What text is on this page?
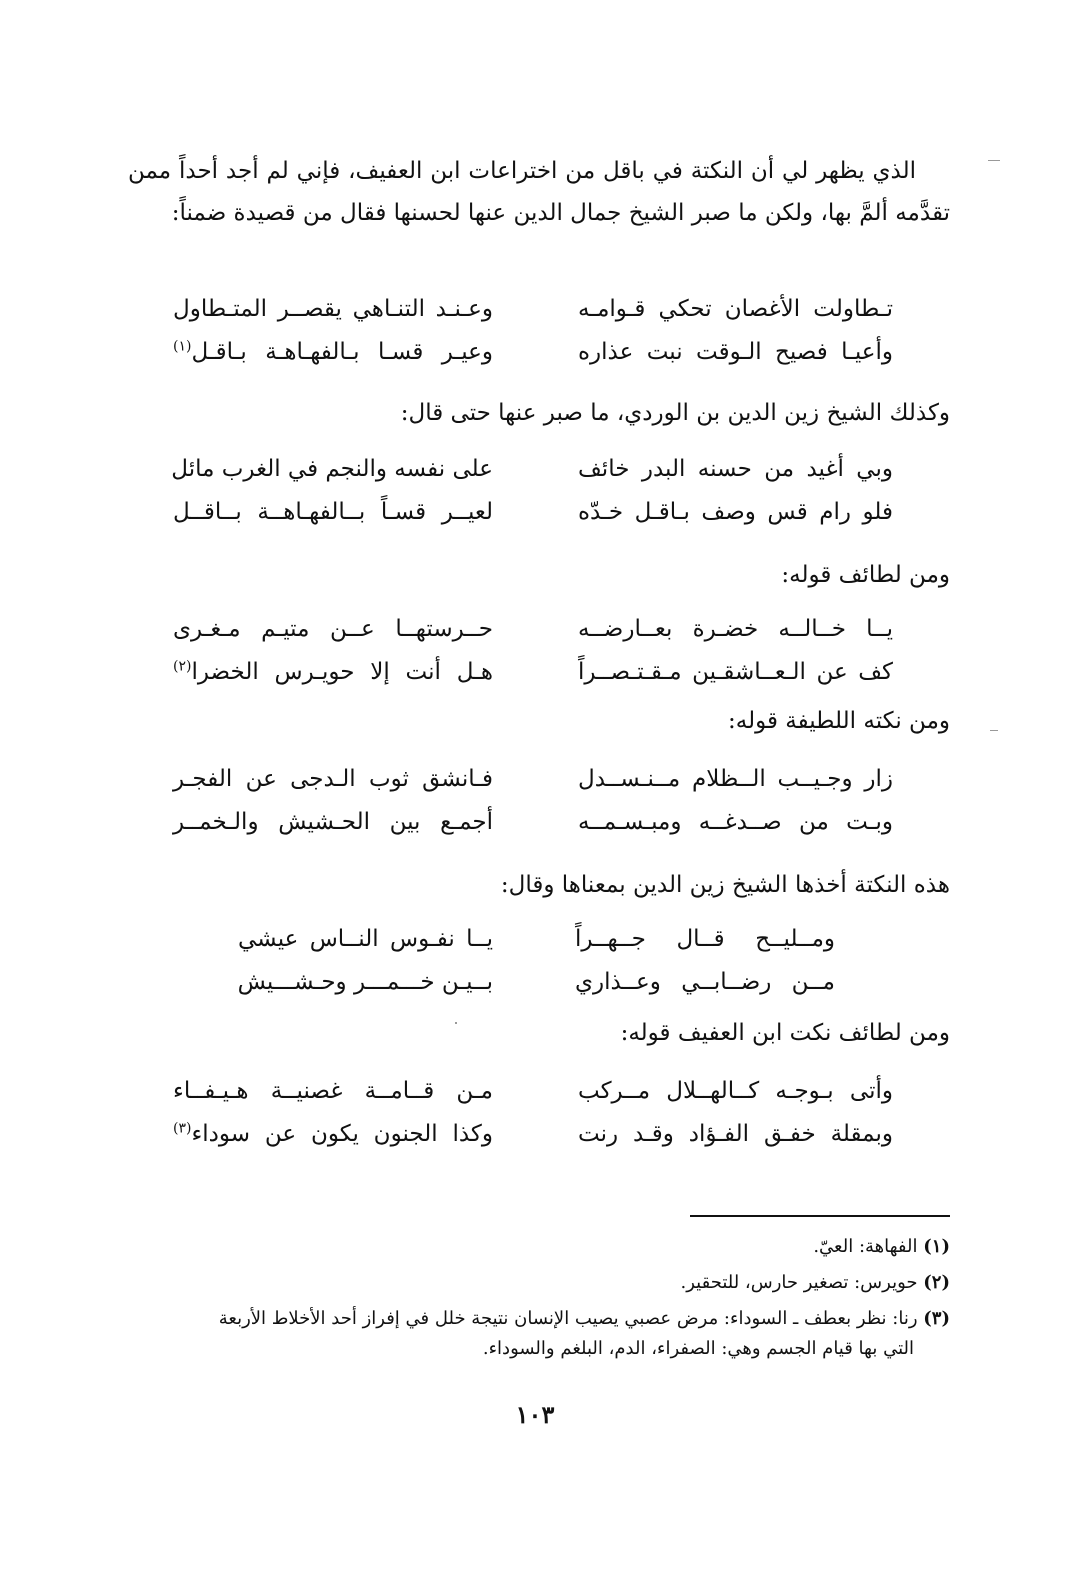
الذي يظهر لي أن النكتة في باقل من اختراعات ابن العفيف، فإني لم أجد أحداً ممن تقدَّمه ألمَّ بها، ولكن ما صبر الشيخ جمال الدين عنها لحسنها فقال من قصيدة ضمناً:

تـطاولت الأغصان تحكي قـوامـه
وعـنـد التنـاهي يقصــر المتـطاول
وأعيـا فصيح الـوقت نبت عذاره
وعيـر قسـا بـالفهـاهـة بـاقـل$^{(١)}$

وكذلك الشيخ زين الدين بن الوردي، ما صبر عنها حتى قال:

وبي أغيد من حسنه البدر خائف
على نفسه والنجم في الغرب مائل
فلو رام قس وصف بـاقـل خـدّه
لعيــر قسـاً بــالفهـاهــة بــاقــل

ومن لطائف قوله:

يــا خــالــه خضـرة بعــارضــه
حــرستهــا عــن متيـم مـغـرى
كف عن الـعــاشقـين مـقـتـصــراً
هـل أنت إلا حويـرس الخضرا$^{(٢)}$

ومن نكته اللطيفة قوله:

زار وجـيــب الــظلام مــنـســدل
فـانشق ثوب الـدجى عن الفجـر
وبـت من صــدغــه ومبـسـمــه
أجمـع بين الحـشيش والـخمــر

هذه النكتة أخذها الشيخ زين الدين بمعناها وقال:

ومــليــح قــال جــهــراً
يــا نفـوس النــاس عيشي
مــن رضــابــي وعــذاري
بــيـن خـــمـــر وحـشـــيش

ومن لطائف نكت ابن العفيف قوله:

وأتى بـوجـه كــالهــلال مــركب
مـن قــامــة غصنيــة هـيـفــاء
وبمقلة خفـق الفـؤاد وقـد رنت
وكذا الجنون يكون عن سوداء$^{(٣)}$

(١) الفهاهة: العيّ.

(٢) حويرس: تصغير حارس، للتحقير.

(٣) رنا: نظر بعطف ـ السوداء: مرض عصبي يصيب الإنسان نتيجة خلل في إفراز أحد الأخلاط الأربعة
التي بها قيام الجسم وهي: الصفراء، الدم، البلغم والسوداء.

١٠٣
